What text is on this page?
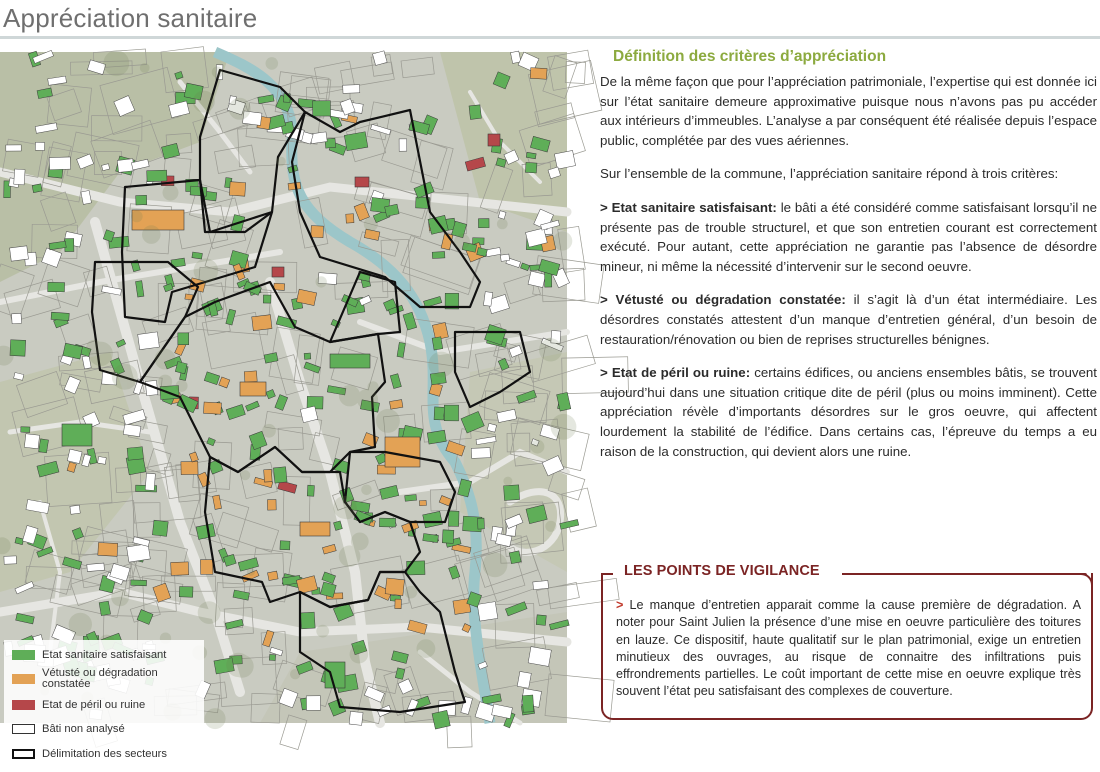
Appréciation sanitaire
Etat sanitaire satisfaisant
Vétusté ou dégradation constatée
Etat de péril ou ruine
Bâti non analysé
Délimitation des secteurs
Définition des critères d’appréciation

De la même façon que pour l’appréciation patrimoniale, l’expertise qui est donnée ici sur l’état sanitaire demeure approximative puisque nous n’avons pas pu accéder aux intérieurs d’immeubles. L’analyse a par conséquent été réalisée depuis l’espace public, complétée par des vues aériennes.

Sur l’ensemble de la commune, l’appréciation sanitaire répond à trois critères:

> Etat sanitaire satisfaisant: le bâti a été considéré comme satisfaisant lorsqu’il ne présente pas de trouble structurel, et que son entretien courant est correctement exécuté. Pour autant, cette appréciation ne garantie pas l’absence de désordre mineur, ni même la nécessité d’intervenir sur le second oeuvre.

> Vétusté ou dégradation constatée: il s’agit là d’un état intermédiaire. Les désordres constatés attestent d’un manque d’entretien général, d’un besoin de restauration/rénovation ou bien de reprises structurelles bénignes.

> Etat de péril ou ruine: certains édifices, ou anciens ensembles bâtis, se trouvent aujourd’hui dans une situation critique dite de péril (plus ou moins imminent). Cette appréciation révèle d’importants désordres sur le gros oeuvre, qui affectent lourdement la stabilité de l’édifice. Dans certains cas, l’épreuve du temps a eu raison de la construction, qui devient alors une ruine.

LES POINTS DE VIGILANCE
> Le manque d’entretien apparait comme la cause première de dégradation. A noter pour Saint Julien la présence d’une mise en oeuvre particulière des toitures en lauze. Ce dispositif, haute qualitatif sur le plan patrimonial, exige un entretien minutieux des ouvrages, au risque de connaitre des infiltrations puis effrondrements partielles. Le coût important de cette mise en oeuvre explique très souvent l’état peu satisfaisant des complexes de couverture.
